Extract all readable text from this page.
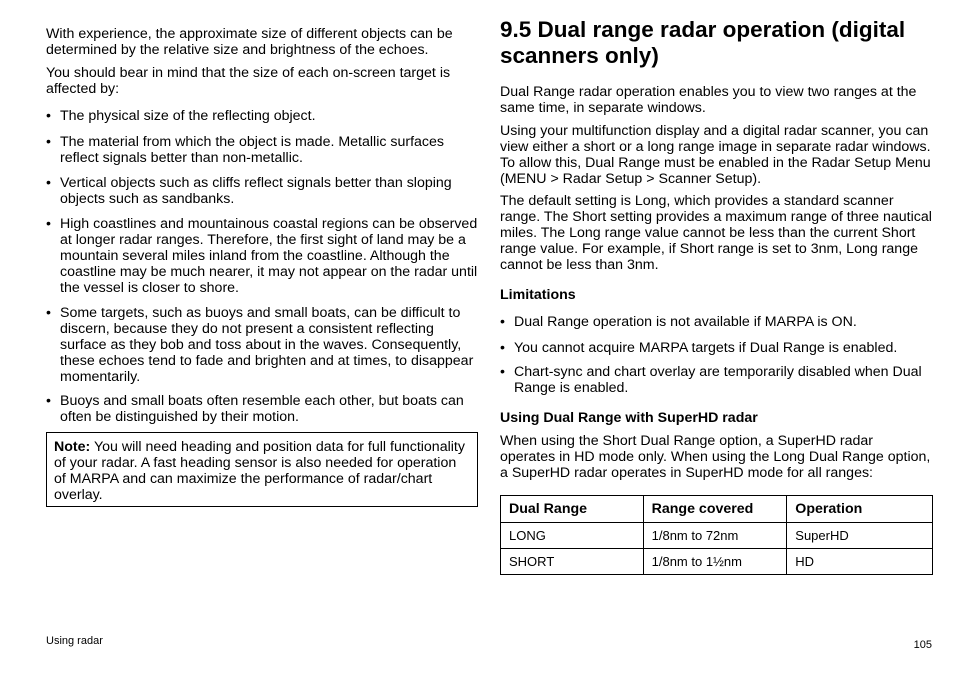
With experience, the approximate size of different objects can be determined by the relative size and brightness of the echoes.

You should bear in mind that the size of each on-screen target is affected by:

• The physical size of the reflecting object.
• The material from which the object is made. Metallic surfaces reflect signals better than non-metallic.
• Vertical objects such as cliffs reflect signals better than sloping objects such as sandbanks.
• High coastlines and mountainous coastal regions can be observed at longer radar ranges. Therefore, the first sight of land may be a mountain several miles inland from the coastline. Although the coastline may be much nearer, it may not appear on the radar until the vessel is closer to shore.
• Some targets, such as buoys and small boats, can be difficult to discern, because they do not present a consistent reflecting surface as they bob and toss about in the waves. Consequently, these echoes tend to fade and brighten and at times, to disappear momentarily.
• Buoys and small boats often resemble each other, but boats can often be distinguished by their motion.
Note: You will need heading and position data for full functionality of your radar. A fast heading sensor is also needed for operation of MARPA and can maximize the performance of radar/chart overlay.
9.5 Dual range radar operation (digital scanners only)

Dual Range radar operation enables you to view two ranges at the same time, in separate windows.

Using your multifunction display and a digital radar scanner, you can view either a short or a long range image in separate radar windows. To allow this, Dual Range must be enabled in the Radar Setup Menu (MENU > Radar Setup > Scanner Setup).

The default setting is Long, which provides a standard scanner range. The Short setting provides a maximum range of three nautical miles. The Long range value cannot be less than the current Short range value. For example, if Short range is set to 3nm, Long range cannot be less than 3nm.

Limitations
• Dual Range operation is not available if MARPA is ON.
• You cannot acquire MARPA targets if Dual Range is enabled.
• Chart-sync and chart overlay are temporarily disabled when Dual Range is enabled.
Using Dual Range with SuperHD radar

When using the Short Dual Range option, a SuperHD radar operates in HD mode only. When using the Long Dual Range option, a SuperHD radar operates in SuperHD mode for all ranges:

Dual Range	Range covered	Operation
LONG	1/8nm to 72nm	SuperHD
SHORT	1/8nm to 1½nm	HD
Using radar	105
